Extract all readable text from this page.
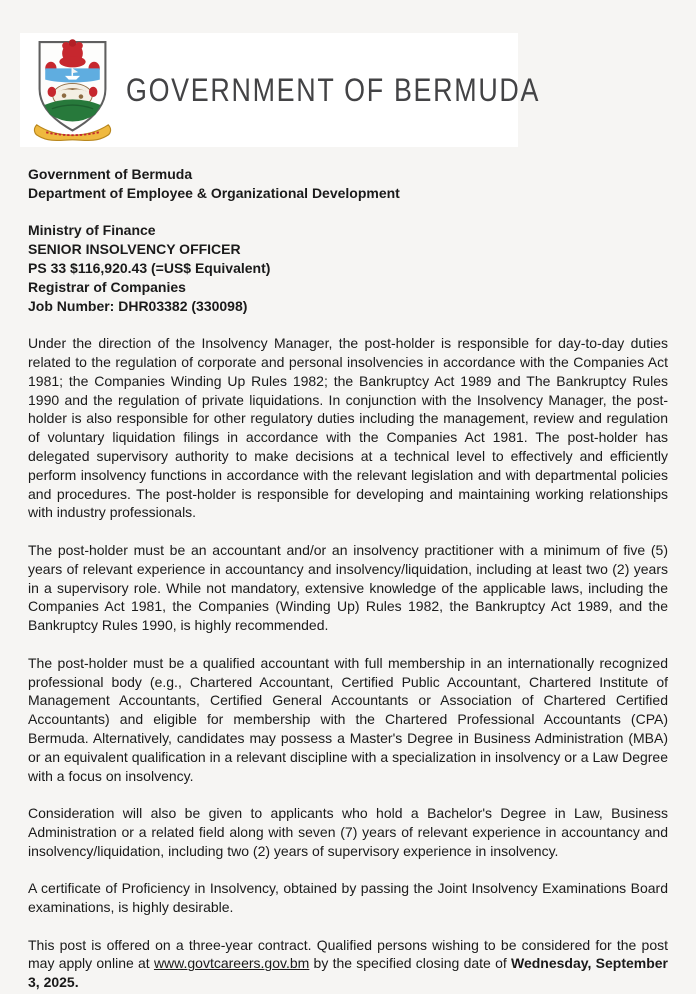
GOVERNMENT OF BERMUDA
Government of Bermuda
Department of Employee & Organizational Development
Ministry of Finance
SENIOR INSOLVENCY OFFICER
PS 33 $116,920.43 (=US$ Equivalent)
Registrar of Companies
Job Number: DHR03382 (330098)

Under the direction of the Insolvency Manager, the post-holder is responsible for day-to-day duties related to the regulation of corporate and personal insolvencies in accordance with the Companies Act 1981; the Companies Winding Up Rules 1982; the Bankruptcy Act 1989 and The Bankruptcy Rules 1990 and the regulation of private liquidations. In conjunction with the Insolvency Manager, the post-holder is also responsible for other regulatory duties including the management, review and regulation of voluntary liquidation filings in accordance with the Companies Act 1981. The post-holder has delegated supervisory authority to make decisions at a technical level to effectively and efficiently perform insolvency functions in accordance with the relevant legislation and with departmental policies and procedures. The post-holder is responsible for developing and maintaining working relationships with industry professionals.

The post-holder must be an accountant and/or an insolvency practitioner with a minimum of five (5) years of relevant experience in accountancy and insolvency/liquidation, including at least two (2) years in a supervisory role. While not mandatory, extensive knowledge of the applicable laws, including the Companies Act 1981, the Companies (Winding Up) Rules 1982, the Bankruptcy Act 1989, and the Bankruptcy Rules 1990, is highly recommended.

The post-holder must be a qualified accountant with full membership in an internationally recognized professional body (e.g., Chartered Accountant, Certified Public Accountant, Chartered Institute of Management Accountants, Certified General Accountants or Association of Chartered Certified Accountants) and eligible for membership with the Chartered Professional Accountants (CPA) Bermuda. Alternatively, candidates may possess a Master's Degree in Business Administration (MBA) or an equivalent qualification in a relevant discipline with a specialization in insolvency or a Law Degree with a focus on insolvency.

Consideration will also be given to applicants who hold a Bachelor's Degree in Law, Business Administration or a related field along with seven (7) years of relevant experience in accountancy and insolvency/liquidation, including two (2) years of supervisory experience in insolvency.

A certificate of Proficiency in Insolvency, obtained by passing the Joint Insolvency Examinations Board examinations, is highly desirable.

This post is offered on a three-year contract. Qualified persons wishing to be considered for the post may apply online at www.govtcareers.gov.bm by the specified closing date of Wednesday, September 3, 2025.
